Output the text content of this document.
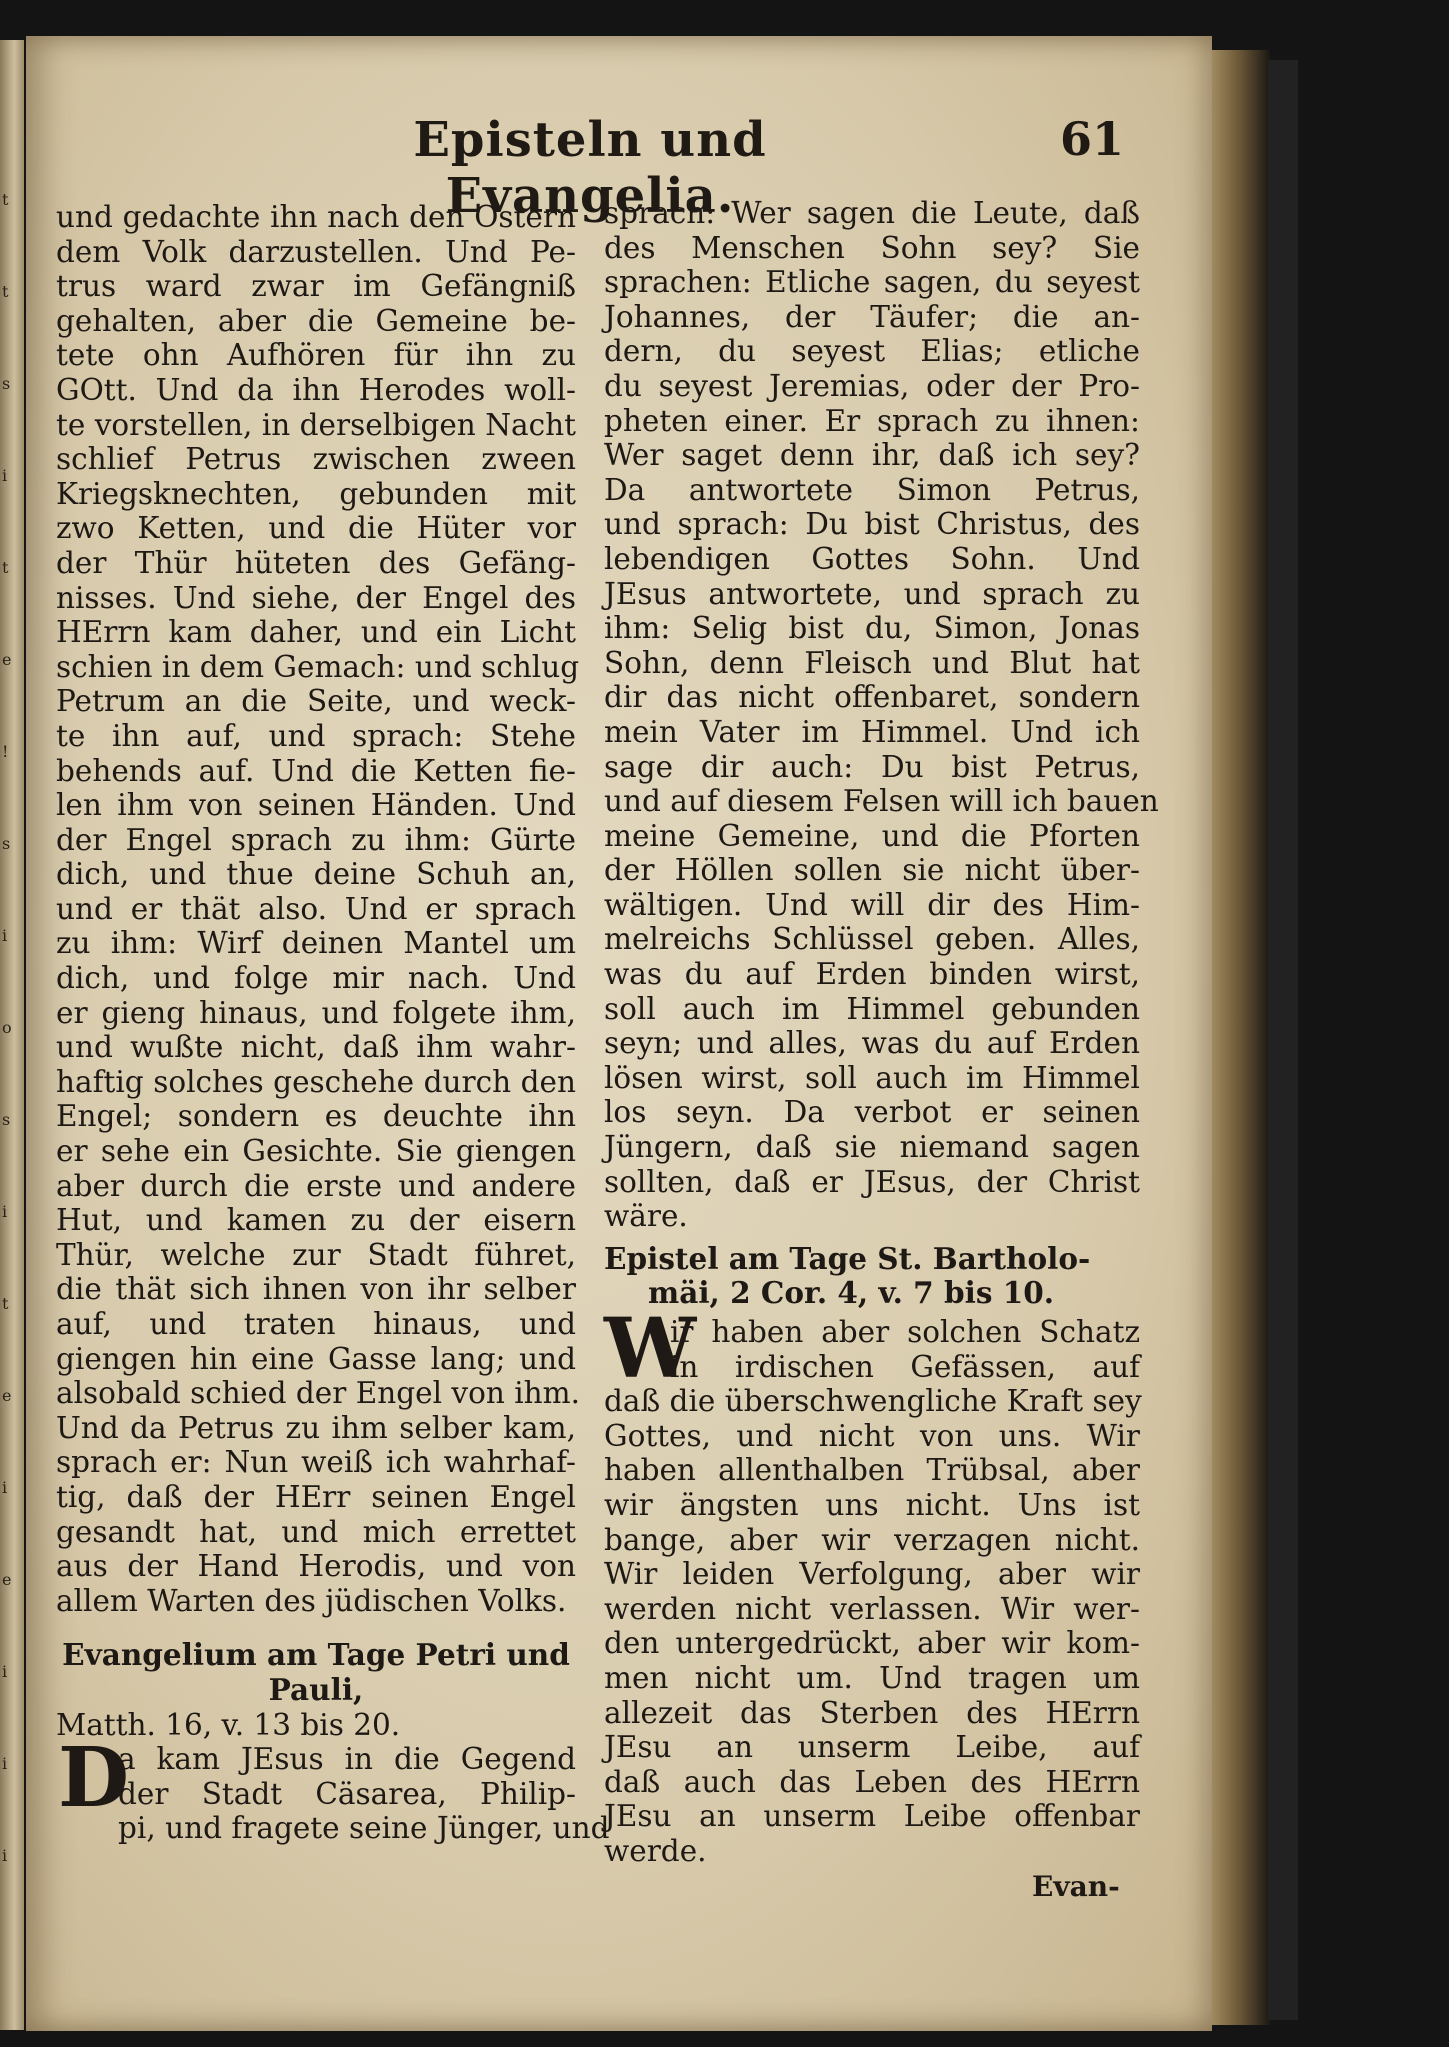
t
t
s
i
t
e
!
s
i
o
s
i
t
e
i
e
i
i
i
Episteln und Evangelia.
61
und gedachte ihn nach den Ostern
dem Volk darzustellen. Und Pe-
trus ward zwar im Gefängniß
gehalten, aber die Gemeine be-
tete ohn Aufhören für ihn zu
GOtt. Und da ihn Herodes woll-
te vorstellen, in derselbigen Nacht
schlief Petrus zwischen zween
Kriegsknechten, gebunden mit
zwo Ketten, und die Hüter vor
der Thür hüteten des Gefäng-
nisses. Und siehe, der Engel des
HErrn kam daher, und ein Licht
schien in dem Gemach: und schlug
Petrum an die Seite, und weck-
te ihn auf, und sprach: Stehe
behends auf. Und die Ketten fie-
len ihm von seinen Händen. Und
der Engel sprach zu ihm: Gürte
dich, und thue deine Schuh an,
und er thät also. Und er sprach
zu ihm: Wirf deinen Mantel um
dich, und folge mir nach. Und
er gieng hinaus, und folgete ihm,
und wußte nicht, daß ihm wahr-
haftig solches geschehe durch den
Engel; sondern es deuchte ihn
er sehe ein Gesichte. Sie giengen
aber durch die erste und andere
Hut, und kamen zu der eisern
Thür, welche zur Stadt führet,
die thät sich ihnen von ihr selber
auf, und traten hinaus, und
giengen hin eine Gasse lang; und
alsobald schied der Engel von ihm.
Und da Petrus zu ihm selber kam,
sprach er: Nun weiß ich wahrhaf-
tig, daß der HErr seinen Engel
gesandt hat, und mich errettet
aus der Hand Herodis, und von
allem Warten des jüdischen Volks.
Evangelium am Tage Petri und
Pauli,
Matth. 16, v. 13 bis 20.
D
a kam JEsus in die Gegend
der Stadt Cäsarea, Philip-
pi, und fragete seine Jünger, und
sprach: Wer sagen die Leute, daß
des Menschen Sohn sey? Sie
sprachen: Etliche sagen, du seyest
Johannes, der Täufer; die an-
dern, du seyest Elias; etliche
du seyest Jeremias, oder der Pro-
pheten einer. Er sprach zu ihnen:
Wer saget denn ihr, daß ich sey?
Da antwortete Simon Petrus,
und sprach: Du bist Christus, des
lebendigen Gottes Sohn. Und
JEsus antwortete, und sprach zu
ihm: Selig bist du, Simon, Jonas
Sohn, denn Fleisch und Blut hat
dir das nicht offenbaret, sondern
mein Vater im Himmel. Und ich
sage dir auch: Du bist Petrus,
und auf diesem Felsen will ich bauen
meine Gemeine, und die Pforten
der Höllen sollen sie nicht über-
wältigen. Und will dir des Him-
melreichs Schlüssel geben. Alles,
was du auf Erden binden wirst,
soll auch im Himmel gebunden
seyn; und alles, was du auf Erden
lösen wirst, soll auch im Himmel
los seyn. Da verbot er seinen
Jüngern, daß sie niemand sagen
sollten, daß er JEsus, der Christ
wäre.
Epistel am Tage St. Bartholo-
mäi, 2 Cor. 4, v. 7 bis 10.
W
ir haben aber solchen Schatz
in irdischen Gefässen, auf
daß die überschwengliche Kraft sey
Gottes, und nicht von uns. Wir
haben allenthalben Trübsal, aber
wir ängsten uns nicht. Uns ist
bange, aber wir verzagen nicht.
Wir leiden Verfolgung, aber wir
werden nicht verlassen. Wir wer-
den untergedrückt, aber wir kom-
men nicht um. Und tragen um
allezeit das Sterben des HErrn
JEsu an unserm Leibe, auf
daß auch das Leben des HErrn
JEsu an unserm Leibe offenbar
werde.
Evan-
